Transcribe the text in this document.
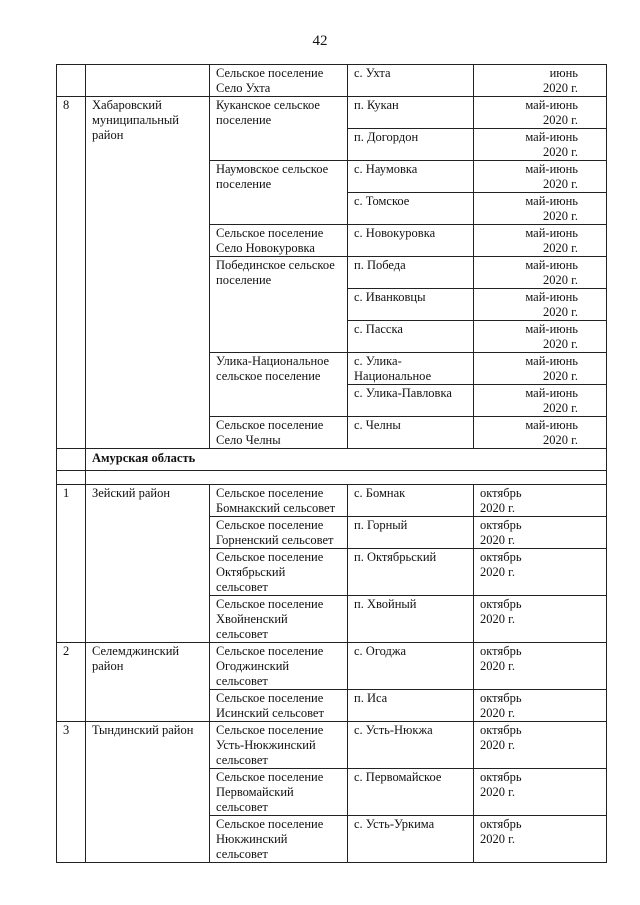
42
		Сельское поселение
Село Ухта	с. Ухта	июнь
2020 г.
8	Хабаровский
муниципальный
район	Куканское сельское
поселение	п. Кукан	май-июнь
2020 г.
			п. Догордон	май-июнь
2020 г.
		Наумовское сельское
поселение	с. Наумовка	май-июнь
2020 г.
			с. Томское	май-июнь
2020 г.
		Сельское поселение
Село Новокуровка	с. Новокуровка	май-июнь
2020 г.
		Побединское сельское
поселение	п. Победа	май-июнь
2020 г.
			с. Иванковцы	май-июнь
2020 г.
			с. Пасска	май-июнь
2020 г.
		Улика-Национальное
сельское поселение	с. Улика-
Национальное	май-июнь
2020 г.
			с. Улика-Павловка	май-июнь
2020 г.
		Сельское поселение
Село Челны	с. Челны	май-июнь
2020 г.
	Амурская область			

1	Зейский район	Сельское поселение
Бомнакский сельсовет	с. Бомнак	октябрь
2020 г.
		Сельское поселение
Горненский сельсовет	п. Горный	октябрь
2020 г.
		Сельское поселение
Октябрьский
сельсовет	п. Октябрьский	октябрь
2020 г.
		Сельское поселение
Хвойненский
сельсовет	п. Хвойный	октябрь
2020 г.
2	Селемджинский
район	Сельское поселение
Огоджинский
сельсовет	с. Огоджа	октябрь
2020 г.
		Сельское поселение
Исинский сельсовет	п. Иса	октябрь
2020 г.
3	Тындинский район	Сельское поселение
Усть-Нюкжинский
сельсовет	с. Усть-Нюкжа	октябрь
2020 г.
		Сельское поселение
Первомайский
сельсовет	с. Первомайское	октябрь
2020 г.
		Сельское поселение
Нюкжинский
сельсовет	с. Усть-Уркима	октябрь
2020 г.
